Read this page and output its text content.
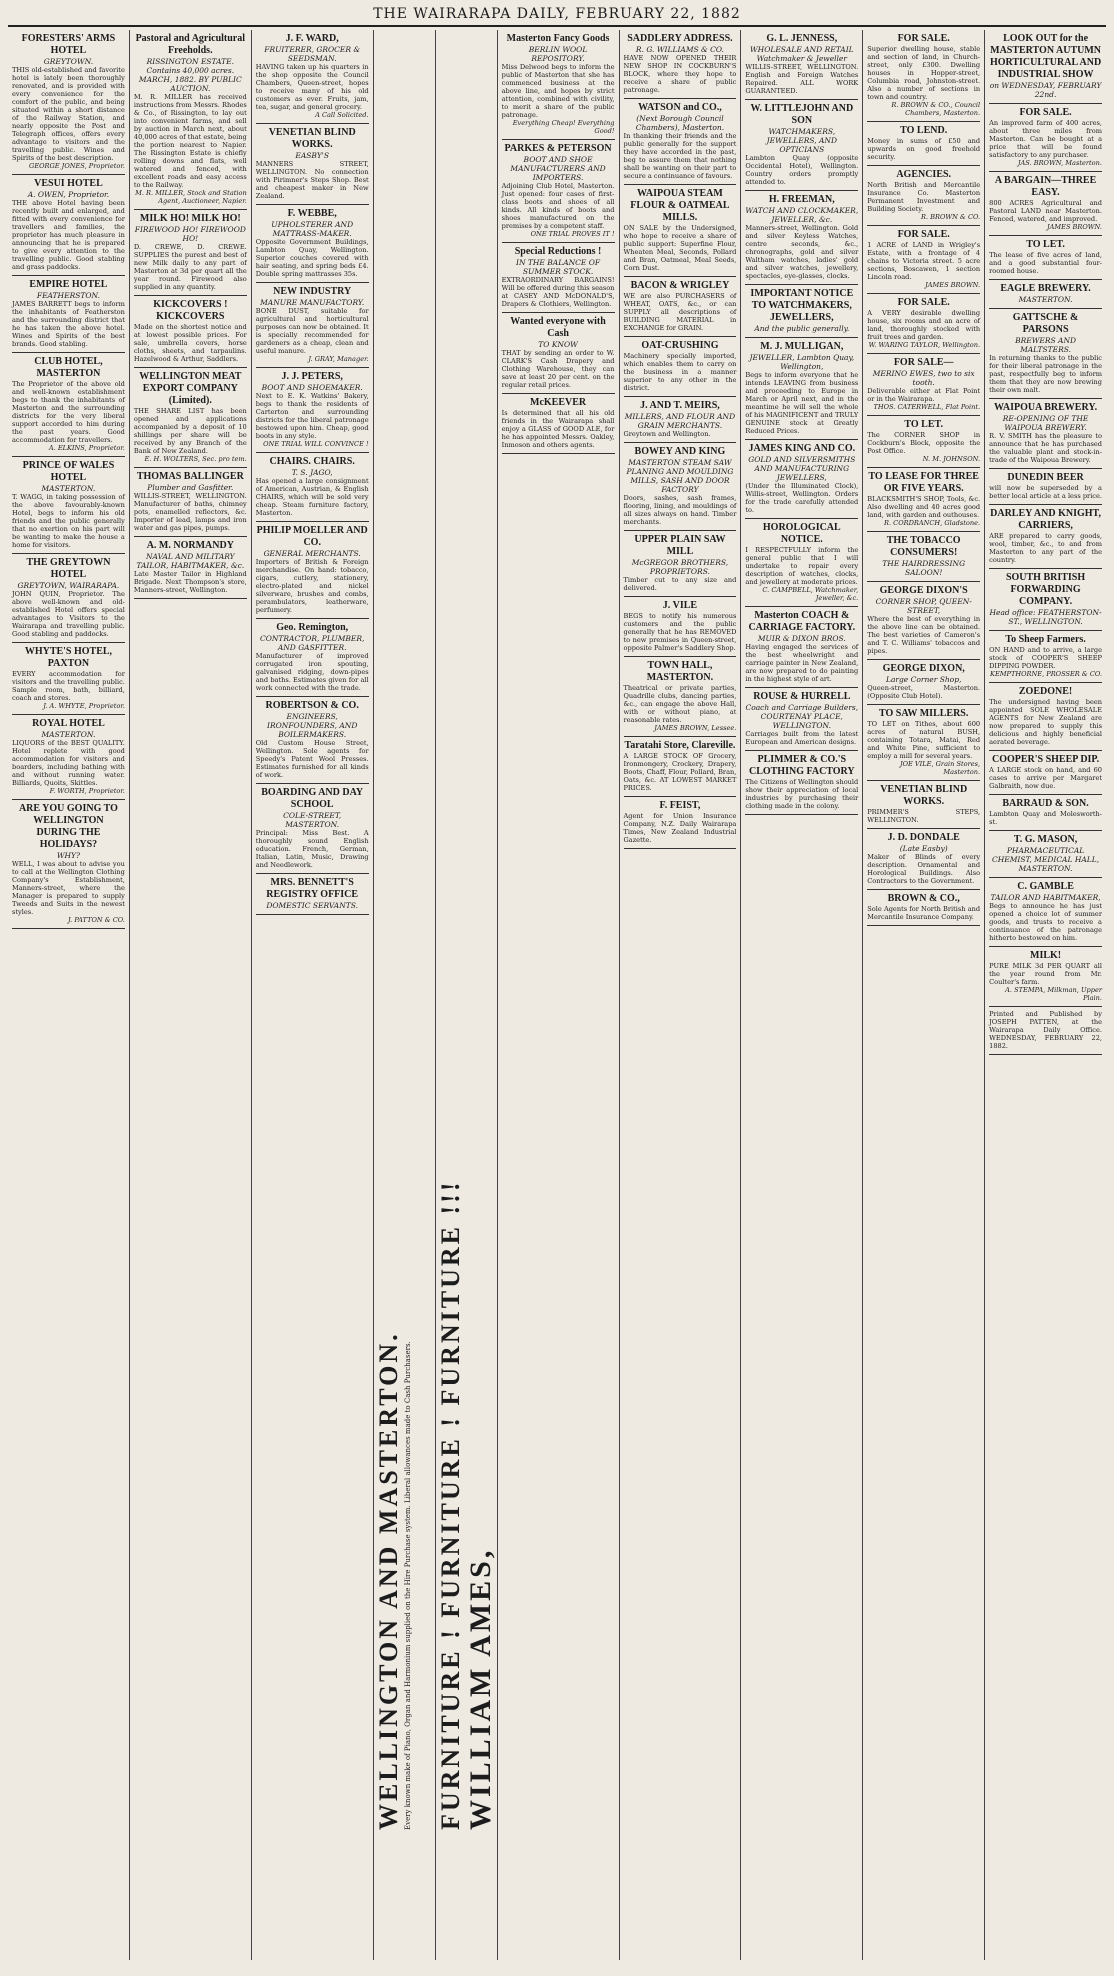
THE WAIRARAPA DAILY, FEBRUARY 22, 1882
FORESTERS' ARMS HOTEL
GREYTOWN.
THIS old-established and favorite hotel is lately been thoroughly renovated, and is provided with every convenience for the comfort of the public, and being situated within a short distance of the Railway Station, and nearly opposite the Post and Telegraph offices, offers every advantage to visitors and the travelling public. Wines and Spirits of the best description.
GEORGE JONES, Proprietor.
VESUI HOTEL
A. OWEN, Proprietor.
THE above Hotel having been recently built and enlarged, and fitted with every convenience for travellers and families, the proprietor has much pleasure in announcing that he is prepared to give every attention to the travelling public. Good stabling and grass paddocks.
EMPIRE HOTEL
FEATHERSTON.
JAMES BARRETT begs to inform the inhabitants of Featherston and the surrounding district that he has taken the above hotel. Wines and Spirits of the best brands. Good stabling.
CLUB HOTEL, MASTERTON
The Proprietor of the above old and well-known establishment begs to thank the inhabitants of Masterton and the surrounding districts for the very liberal support accorded to him during the past years. Good accommodation for travellers.
A. ELKINS, Proprietor.
PRINCE OF WALES HOTEL
MASTERTON.
T. WAGG, in taking possession of the above favourably-known Hotel, begs to inform his old friends and the public generally that no exertion on his part will be wanting to make the house a home for visitors.
THE GREYTOWN HOTEL
GREYTOWN, WAIRARAPA.
JOHN QUIN, Proprietor. The above well-known and old-established Hotel offers special advantages to Visitors to the Wairarapa and travelling public. Good stabling and paddocks.
WHYTE'S HOTEL, PAXTON
EVERY accommodation for visitors and the travelling public. Sample room, bath, billiard, coach and stores.
J. A. WHYTE, Proprietor.
ROYAL HOTEL
MASTERTON.
LIQUORS of the BEST QUALITY. Hotel replete with good accommodation for visitors and boarders, including bathing with and without running water. Billiards, Quoits, Skittles.
F. WORTH, Proprietor.
ARE YOU GOING TO WELLINGTON DURING THE HOLIDAYS?
WHY?
WELL, I was about to advise you to call at the Wellington Clothing Company's Establishment, Manners-street, where the Manager is prepared to supply Tweeds and Suits in the newest styles.
J. PATTON & CO.
Pastoral and Agricultural Freeholds.
RISSINGTON ESTATE. Contains 40,000 acres. MARCH, 1882. BY PUBLIC AUCTION.
M. R. MILLER has received instructions from Messrs. Rhodes & Co., of Rissington, to lay out into convenient farms, and sell by auction in March next, about 40,000 acres of that estate, being the portion nearest to Napier. The Rissington Estate is chiefly rolling downs and flats, well watered and fenced, with excellent roads and easy access to the Railway.
M. R. MILLER, Stock and Station Agent, Auctioneer, Napier.
MILK HO! MILK HO!
FIREWOOD HO! FIREWOOD HO!
D. CREWE, D. CREWE. SUPPLIES the purest and best of new Milk daily to any part of Masterton at 3d per quart all the year round. Firewood also supplied in any quantity.
KICKCOVERS ! KICKCOVERS
Made on the shortest notice and at lowest possible prices. For sale, umbrella covers, horse cloths, sheets, and tarpaulins. Hazelwood & Arthur, Saddlers.
WELLINGTON MEAT EXPORT COMPANY (Limited).
THE SHARE LIST has been opened and applications accompanied by a deposit of 10 shillings per share will be received by any Branch of the Bank of New Zealand.
E. H. WOLTERS, Sec. pro tem.
THOMAS BALLINGER
Plumber and Gasfitter.
WILLIS-STREET, WELLINGTON. Manufacturer of baths, chimney pots, enamelled reflectors, &c. Importer of lead, lamps and iron water and gas pipes, pumps.
A. M. NORMANDY
NAVAL AND MILITARY TAILOR, HABITMAKER, &c.
Late Master Tailor in Highland Brigade. Next Thompson's store, Manners-street, Wellington.
J. F. WARD,
FRUITERER, GROCER & SEEDSMAN.
HAVING taken up his quarters in the shop opposite the Council Chambers, Queen-street, hopes to receive many of his old customers as ever. Fruits, jam, tea, sugar, and general grocery.
A Call Solicited.
VENETIAN BLIND WORKS.
EASBY'S
MANNERS STREET, WELLINGTON. No connection with Pirimner's Steps Shop. Best and cheapest maker in New Zealand.
F. WEBBE,
UPHOLSTERER AND MATTRASS-MAKER.
Opposite Government Buildings, Lambton Quay, Wellington. Superior couches covered with hair seating, and spring beds £4. Double spring mattrasses 35s.
NEW INDUSTRY
MANURE MANUFACTORY.
BONE DUST, suitable for agricultural and horticultural purposes can now be obtained. It is specially recommended for gardeners as a cheap, clean and useful manure.
J. GRAY, Manager.
J. J. PETERS,
BOOT AND SHOEMAKER.
Next to E. K. Watkins' Bakery, begs to thank the residents of Carterton and surrounding districts for the liberal patronage bestowed upon him. Cheap, good boots in any style.
ONE TRIAL WILL CONVINCE !
CHAIRS. CHAIRS.
T. S. JAGO,
Has opened a large consignment of American, Austrian, & English CHAIRS, which will be sold very cheap. Steam furniture factory, Masterton.
PHILIP MOELLER AND CO.
GENERAL MERCHANTS.
Importers of British & Foreign merchandise. On hand: tobacco, cigars, cutlery, stationery, electro-plated and nickel silverware, brushes and combs, perambulators, leatherware, perfumery.
Geo. Remington,
CONTRACTOR, PLUMBER, AND GASFITTER.
Manufacturer of improved corrugated iron spouting, galvanised ridging, down-pipes and baths. Estimates given for all work connected with the trade.
ROBERTSON & CO.
ENGINEERS, IRONFOUNDERS, AND BOILERMAKERS.
Old Custom House Street, Wellington. Sole agents for Speedy's Patent Wool Presses. Estimates furnished for all kinds of work.
BOARDING AND DAY SCHOOL
COLE-STREET, MASTERTON.
Principal: Miss Best. A thoroughly sound English education. French, German, Italian, Latin, Music, Drawing and Needlework.
MRS. BENNETT'S REGISTRY OFFICE
DOMESTIC SERVANTS.
WELLINGTON AND MASTERTON. Every known make of Piano, Organ and Harmonium supplied on the Hire Purchase system. Liberal allowances made to Cash Purchasers. FURNITURE ! FURNITURE ! FURNITURE !!! WILLIAM AMES,
Masterton Fancy Goods
BERLIN WOOL REPOSITORY.
Miss Delwood begs to inform the public of Masterton that she has commenced business at the above line, and hopes by strict attention, combined with civility, to merit a share of the public patronage.
Everything Cheap! Everything Good!
PARKES & PETERSON
BOOT AND SHOE MANUFACTURERS AND IMPORTERS.
Adjoining Club Hotel, Masterton. Just opened: four cases of first-class boots and shoes of all kinds. All kinds of boots and shoes manufactured on the premises by a competent staff.
ONE TRIAL PROVES IT !
Special Reductions !
IN THE BALANCE OF SUMMER STOCK.
EXTRAORDINARY BARGAINS! Will be offered during this season at CASEY AND McDONALD'S, Drapers & Clothiers, Wellington.
Wanted everyone with Cash
TO KNOW
THAT by sending an order to W. CLARK'S Cash Drapery and Clothing Warehouse, they can save at least 20 per cent. on the regular retail prices.
McKEEVER
Is determined that all his old friends in the Wairarapa shall enjoy a GLASS of GOOD ALE, for he has appointed Messrs. Oakley, Inmoson and others agents.
SADDLERY ADDRESS.
R. G. WILLIAMS & CO.
HAVE NOW OPENED THEIR NEW SHOP IN COCKBURN'S BLOCK, where they hope to receive a share of public patronage.
WATSON and CO.,
(Next Borough Council Chambers), Masterton.
In thanking their friends and the public generally for the support they have accorded in the past, beg to assure them that nothing shall be wanting on their part to secure a continuance of favours.
WAIPOUA STEAM FLOUR & OATMEAL MILLS.
ON SALE by the Undersigned, who hope to receive a share of public support: Superfine Flour, Wheaten Meal, Seconds, Pollard and Bran, Oatmeal, Meal Seeds, Corn Dust.
BACON & WRIGLEY
WE are also PURCHASERS of WHEAT, OATS, &c., or can SUPPLY all descriptions of BUILDING MATERIAL in EXCHANGE for GRAIN.
OAT-CRUSHING
Machinery specially imported, which enables them to carry on the business in a manner superior to any other in the district.
J. AND T. MEIRS,
MILLERS, AND FLOUR AND GRAIN MERCHANTS.
Greytown and Wellington.
BOWEY AND KING
MASTERTON STEAM SAW PLANING AND MOULDING MILLS, SASH AND DOOR FACTORY
Doors, sashes, sash frames, flooring, lining, and mouldings of all sizes always on hand. Timber merchants.
UPPER PLAIN SAW MILL
McGREGOR BROTHERS, PROPRIETORS.
Timber cut to any size and delivered.
J. VILE
BEGS to notify his numerous customers and the public generally that he has REMOVED to new premises in Queen-street, opposite Palmer's Saddlery Shop.
TOWN HALL, MASTERTON.
Theatrical or private parties, Quadrille clubs, dancing parties, &c., can engage the above Hall, with or without piano, at reasonable rates.
JAMES BROWN, Lessee.
Taratahi Store, Clareville.
A LARGE STOCK OF Grocery, Ironmongery, Crockery, Drapery, Boots, Chaff, Flour, Pollard, Bran, Oats, &c. AT LOWEST MARKET PRICES.
F. FEIST,
Agent for Union Insurance Company, N.Z. Daily Wairarapa Times, New Zealand Industrial Gazette.
G. L. JENNESS,
WHOLESALE AND RETAIL Watchmaker & Jeweller
WILLIS-STREET, WELLINGTON. English and Foreign Watches Repaired. ALL WORK GUARANTEED.
W. LITTLEJOHN AND SON
WATCHMAKERS, JEWELLERS, AND OPTICIANS
Lambton Quay (opposite Occidental Hotel), Wellington. Country orders promptly attended to.
H. FREEMAN,
WATCH AND CLOCKMAKER, JEWELLER, &c.
Manners-street, Wellington. Gold and silver Keyless Watches, centre seconds, &c., chronographs, gold and silver Waltham watches, ladies' gold and silver watches, jewellery, spectacles, eye-glasses, clocks.
IMPORTANT NOTICE TO WATCHMAKERS, JEWELLERS,
And the public generally.
M. J. MULLIGAN,
JEWELLER, Lambton Quay, Wellington,
Begs to inform everyone that he intends LEAVING from business and proceeding to Europe in March or April next, and in the meantime he will sell the whole of his MAGNIFICENT and TRULY GENUINE stock at Greatly Reduced Prices.
JAMES KING AND CO.
GOLD AND SILVERSMITHS AND MANUFACTURING JEWELLERS,
(Under the Illuminated Clock), Willis-street, Wellington. Orders for the trade carefully attended to.
HOROLOGICAL NOTICE.
I RESPECTFULLY inform the general public that I will undertake to repair every description of watches, clocks, and jewellery at moderate prices.
C. CAMPBELL, Watchmaker, Jeweller, &c.
Masterton COACH & CARRIAGE FACTORY.
MUIR & DIXON BROS.
Having engaged the services of the best wheelwright and carriage painter in New Zealand, are now prepared to do painting in the highest style of art.
ROUSE & HURRELL
Coach and Carriage Builders, COURTENAY PLACE, WELLINGTON.
Carriages built from the latest European and American designs.
PLIMMER & CO.'S CLOTHING FACTORY
The Citizens of Wellington should show their appreciation of local industries by purchasing their clothing made in the colony.
FOR SALE.
Superior dwelling house, stable and section of land, in Church-street, only £300. Dwelling houses in Hopper-street, Columbia road, Johnston-street. Also a number of sections in town and country.
R. BROWN & CO., Council Chambers, Masterton.
TO LEND.
Money in sums of £50 and upwards on good freehold security.
AGENCIES.
North British and Mercantile Insurance Co. Masterton Permanent Investment and Building Society.
R. BROWN & CO.
FOR SALE.
1 ACRE of LAND in Wrigley's Estate, with a frontage of 4 chains to Victoria street. 5 acre sections, Boscawen, 1 section Lincoln road.
JAMES BROWN.
FOR SALE.
A VERY desirable dwelling house, six rooms and an acre of land, thoroughly stocked with fruit trees and garden.
W. WARING TAYLOR, Wellington.
FOR SALE—
MERINO EWES, two to six tooth.
Deliverable either at Flat Point or in the Wairarapa.
THOS. CATERWELL, Flat Point.
TO LET.
The CORNER SHOP in Cockburn's Block, opposite the Post Office.
N. M. JOHNSON.
TO LEASE FOR THREE OR FIVE YEARS.
BLACKSMITH'S SHOP, Tools, &c. Also dwelling and 40 acres good land, with garden and outhouses.
R. CORDRANCH, Gladstone.
THE TOBACCO CONSUMERS!
THE HAIRDRESSING SALOON!
GEORGE DIXON'S
CORNER SHOP, QUEEN-STREET,
Where the best of everything in the above line can be obtained. The best varieties of Cameron's and T. C. Williams' tobaccos and pipes.
GEORGE DIXON,
Large Corner Shop,
Queen-street, Masterton. (Opposite Club Hotel).
TO SAW MILLERS.
TO LET on Tithes, about 600 acres of natural BUSH, containing Totara, Matai, Red and White Pine, sufficient to employ a mill for several years.
JOE VILE, Grain Stores, Masterton.
VENETIAN BLIND WORKS.
PRIMMER'S STEPS, WELLINGTON.
J. D. DONDALE
(Late Easby)
Maker of Blinds of every description. Ornamental and Horological Buildings. Also Contractors to the Government.
BROWN & CO.,
Sole Agents for North British and Mercantile Insurance Company.
LOOK OUT for the MASTERTON AUTUMN HORTICULTURAL AND INDUSTRIAL SHOW
on WEDNESDAY, FEBRUARY 22nd.
FOR SALE.
An improved farm of 400 acres, about three miles from Masterton. Can be bought at a price that will be found satisfactory to any purchaser.
JAS. BROWN, Masterton.
A BARGAIN—THREE EASY.
800 ACRES Agricultural and Pastoral LAND near Masterton. Fenced, watered, and improved.
JAMES BROWN.
TO LET.
The lease of five acres of land, and a good substantial four-roomed house.
EAGLE BREWERY.
MASTERTON.
GATTSCHE & PARSONS
BREWERS AND MALTSTERS.
In returning thanks to the public for their liberal patronage in the past, respectfully beg to inform them that they are now brewing their own malt.
WAIPOUA BREWERY.
RE-OPENING OF THE WAIPOUA BREWERY.
R. V. SMITH has the pleasure to announce that he has purchased the valuable plant and stock-in-trade of the Waipoua Brewery.
DUNEDIN BEER
will now be superseded by a better local article at a less price.
DARLEY AND KNIGHT, CARRIERS,
ARE prepared to carry goods, wool, timber, &c., to and from Masterton to any part of the country.
SOUTH BRITISH FORWARDING COMPANY.
Head office: FEATHERSTON-ST., WELLINGTON.
To Sheep Farmers.
ON HAND and to arrive, a large stock of COOPER'S SHEEP DIPPING POWDER.
KEMPTHORNE, PROSSER & CO.
ZOEDONE!
The undersigned having been appointed SOLE WHOLESALE AGENTS for New Zealand are now prepared to supply this delicious and highly beneficial aerated beverage.
COOPER'S SHEEP DIP.
A LARGE stock on hand, and 60 cases to arrive per Margaret Galbraith, now due.
BARRAUD & SON.
Lambton Quay and Molesworth-st.
T. G. MASON,
PHARMACEUTICAL CHEMIST, MEDICAL HALL, MASTERTON.
C. GAMBLE
TAILOR AND HABITMAKER,
Begs to announce he has just opened a choice lot of summer goods, and trusts to receive a continuance of the patronage hitherto bestowed on him.
MILK!
PURE MILK 3d PER QUART all the year round from Mr. Coulter's farm.
A. STEMPA, Milkman, Upper Plain.
Printed and Published by JOSEPH PATTEN, at the Wairarapa Daily Office. WEDNESDAY, FEBRUARY 22, 1882.
